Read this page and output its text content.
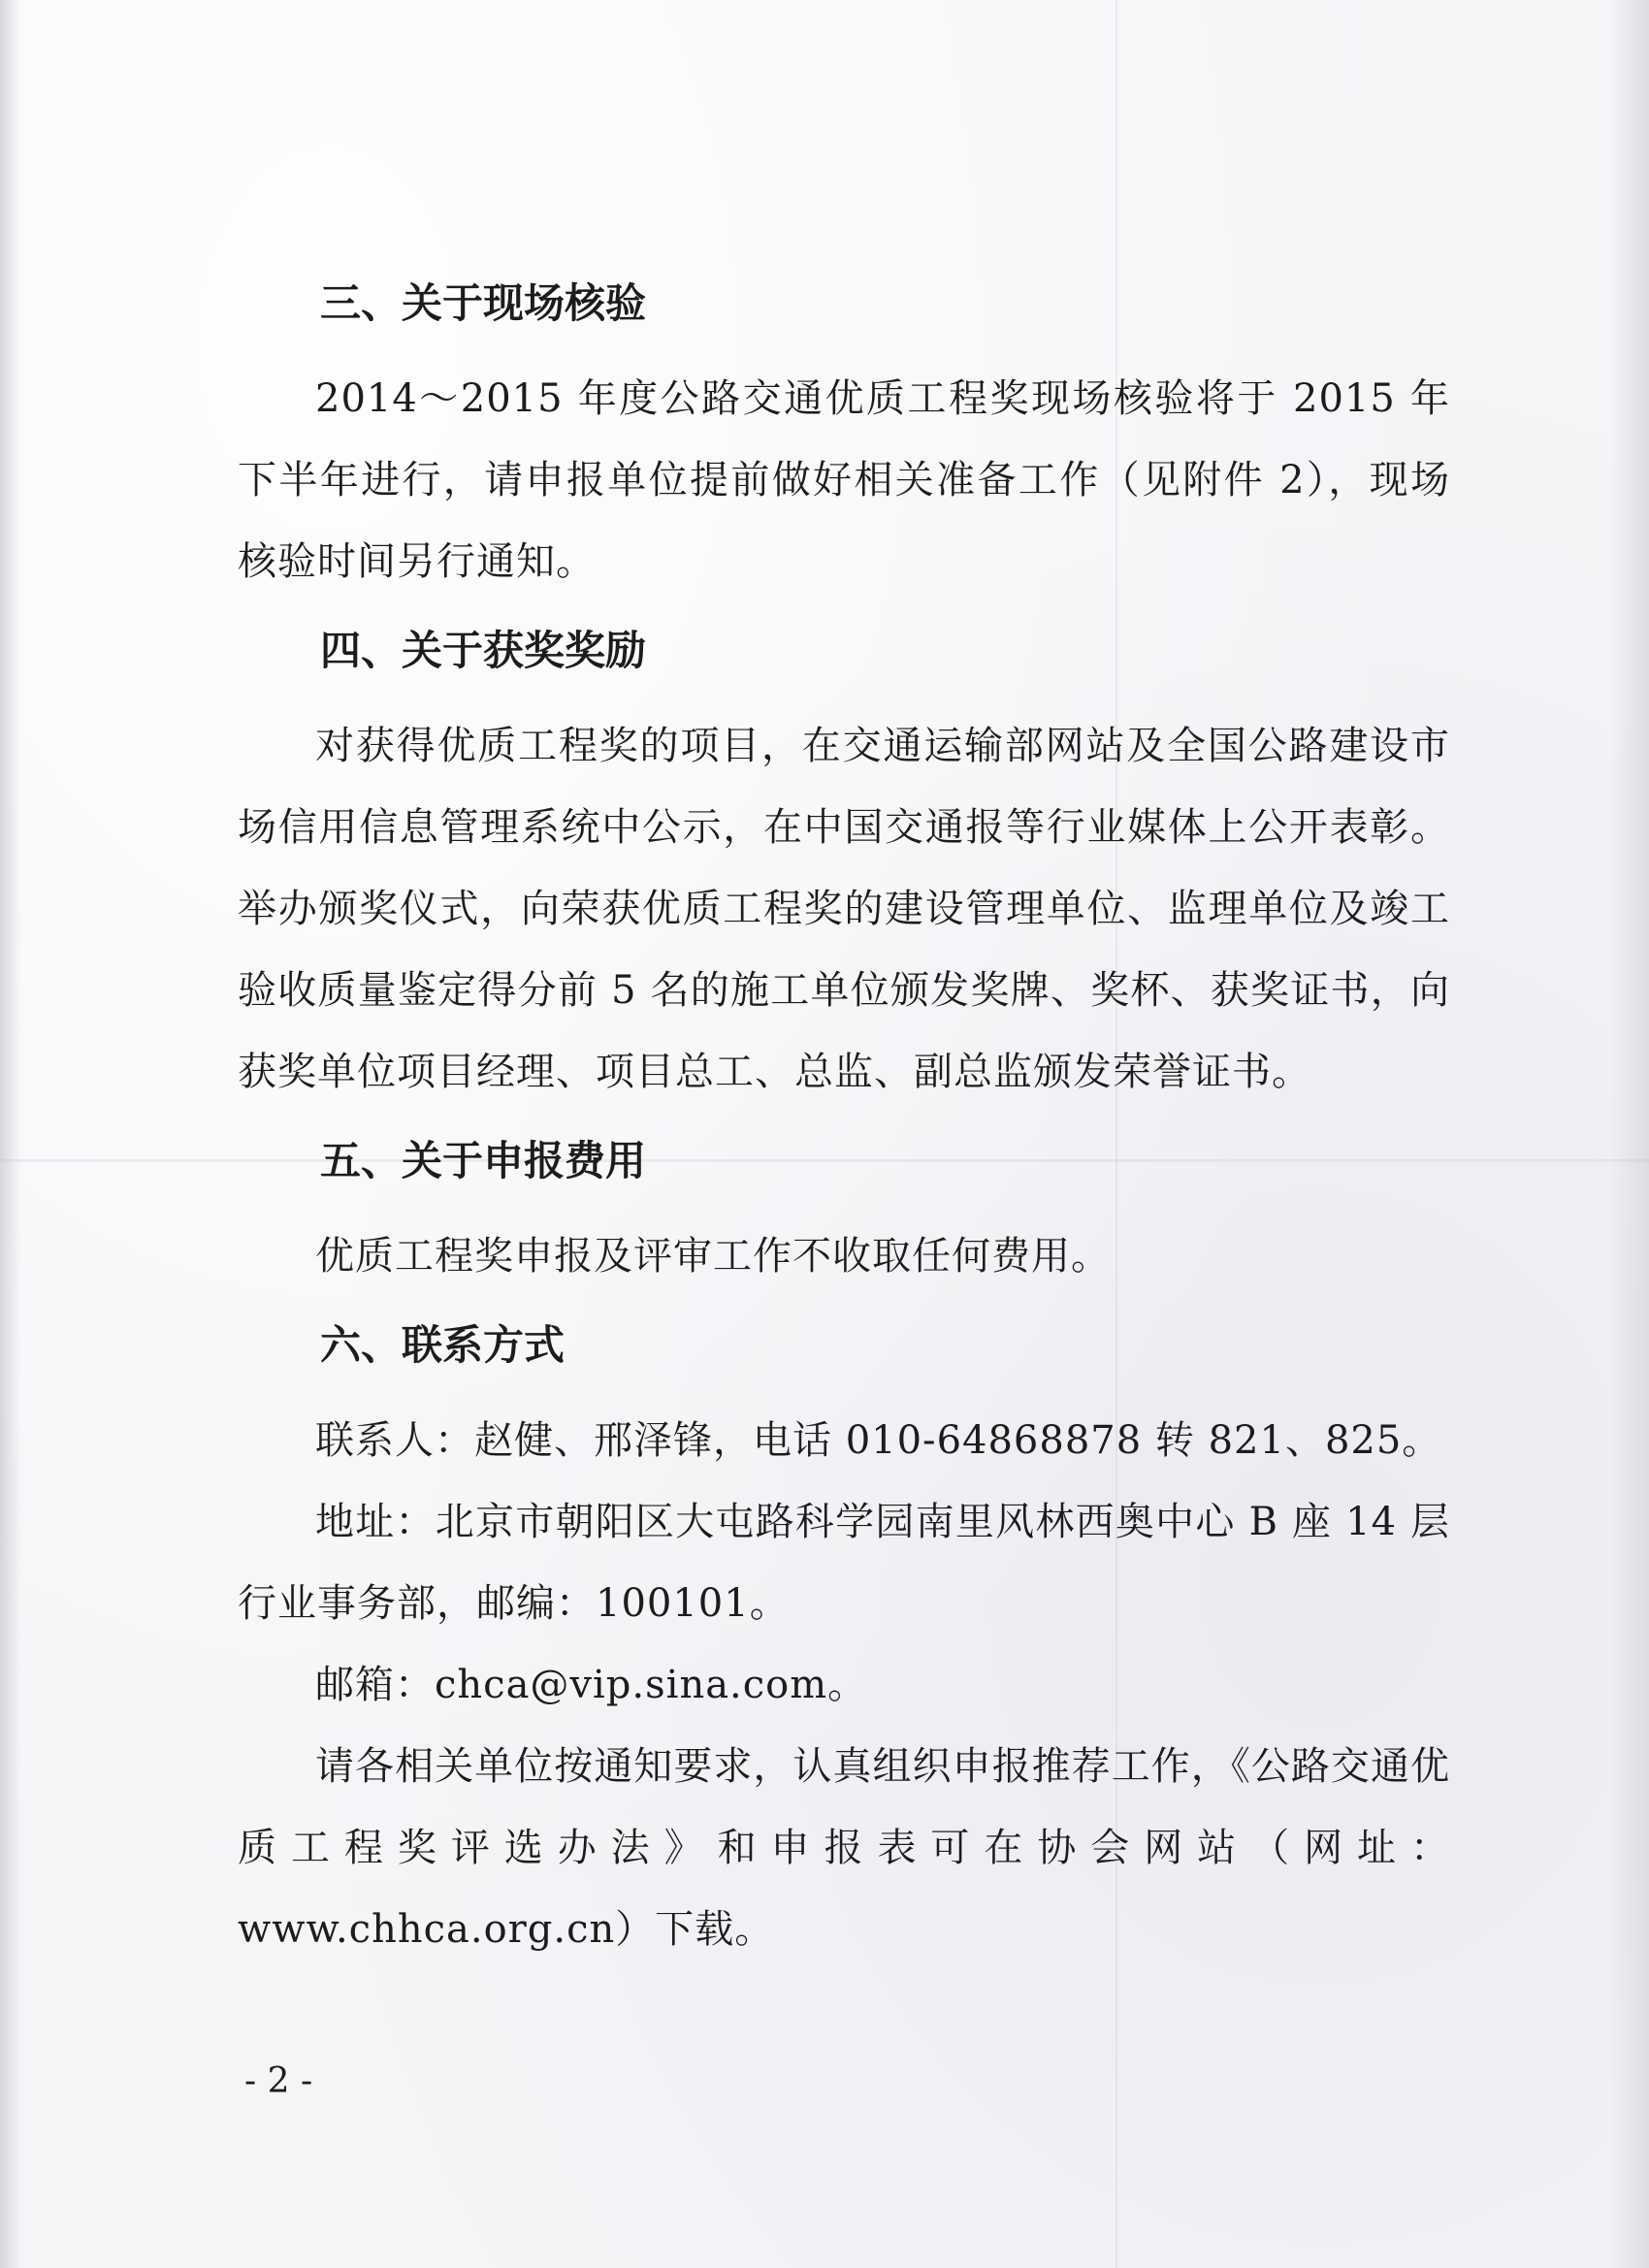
三、关于现场核验

2014～2015 年度公路交通优质工程奖现场核验将于 2015 年下半年进行，请申报单位提前做好相关准备工作（见附件 2），现场核验时间另行通知。

四、关于获奖奖励

对获得优质工程奖的项目，在交通运输部网站及全国公路建设市场信用信息管理系统中公示，在中国交通报等行业媒体上公开表彰。举办颁奖仪式，向荣获优质工程奖的建设管理单位、监理单位及竣工验收质量鉴定得分前 5 名的施工单位颁发奖牌、奖杯、获奖证书，向获奖单位项目经理、项目总工、总监、副总监颁发荣誉证书。

五、关于申报费用

优质工程奖申报及评审工作不收取任何费用。

六、联系方式

联系人：赵健、邢泽锋，电话 010-64868878 转 821、825。

地址：北京市朝阳区大屯路科学园南里风林西奥中心 B 座 14 层行业事务部，邮编：100101。

邮箱：chca@vip.sina.com。

请各相关单位按通知要求，认真组织申报推荐工作，《公路交通优质工程奖评选办法》和申报表可在协会网站（网址：www.chhca.org.cn）下载。

- 2 -
